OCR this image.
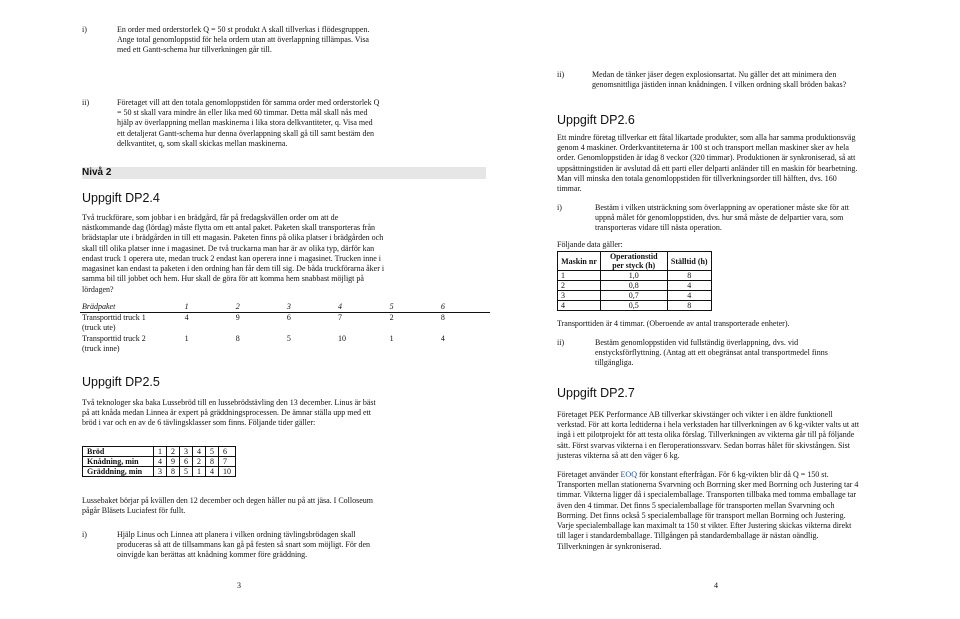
i)	En order med orderstorlek Q = 50 st produkt A skall tillverkas i flödesgruppen.
Ange total genomloppstid för hela ordern utan att överlappning tillämpas. Visa
med ett Gantt-schema hur tillverkningen går till.
ii)	Företaget vill att den totala genomloppstiden för samma order med orderstorlek Q
= 50 st skall vara mindre än eller lika med 60 timmar. Detta mål skall nås med
hjälp av överlappning mellan maskinerna i lika stora delkvantiteter, q. Visa med
ett detaljerat Gantt-schema hur denna överlappning skall gå till samt bestäm den
delkvantitet, q, som skall skickas mellan maskinerna.
Nivå 2
Uppgift DP2.4
Två truckförare, som jobbar i en brädgård, får på fredagskvällen order om att de
nästkommande dag (lördag) måste flytta om ett antal paket. Paketen skall transporteras från
brädstaplar ute i brädgården in till ett magasin. Paketen finns på olika platser i brädgården och
skall till olika platser inne i magasinet. De två truckarna man har är av olika typ, därför kan
endast truck 1 operera ute, medan truck 2 endast kan operera inne i magasinet. Trucken inne i
magasinet kan endast ta paketen i den ordning han får dem till sig. De båda truckförarna åker i
samma bil till jobbet och hem. Hur skall de göra för att komma hem snabbast möjligt på
lördagen?
Brädpaket	1	2	3	4	5	6

Transporttid truck 1
(truck ute)	4	9	6	7	2	8

Transporttid truck 2
(truck inne)	1	8	5	10	1	4
Uppgift DP2.5
Två teknologer ska baka Lussebröd till en lussebrödstävling den 13 december. Linus är bäst
på att knåda medan Linnea är expert på gräddningsprocessen. De ämnar ställa upp med ett
bröd i var och en av de 6 tävlingsklasser som finns. Följande tider gäller:
Bröd	1	2	3	4	5	6
Knådning, min	4	9	6	2	8	7
Gräddning, min	3	8	5	1	4	10
Lussebaket börjar på kvällen den 12 december och degen håller nu på att jäsa. I Colloseum
pågår Bläsets Luciafest för fullt.
i)	Hjälp Linus och Linnea att planera i vilken ordning tävlingsbrödagen skall
produceras så att de tillsammans kan gå på festen så snart som möjligt. För den
oinvigde kan berättas att knådning kommer före gräddning.
3
ii)	Medan de tänker jäser degen explosionsartat. Nu gäller det att minimera den
genomsnittliga jästiden innan knådningen. I vilken ordning skall bröden bakas?
Uppgift DP2.6
Ett mindre företag tillverkar ett fåtal likartade produkter, som alla har samma produktionsväg
genom 4 maskiner. Orderkvantiteterna är 100 st och transport mellan maskiner sker av hela
order. Genomloppstiden är idag 8 veckor (320 timmar). Produktionen är synkroniserad, så att
uppsättningstiden är avslutad då ett parti eller delparti anländer till en maskin för bearbetning.
Man vill minska den totala genomloppstiden för tillverkningsorder till hälften, dvs. 160
timmar.
i)	Bestäm i vilken utsträckning som överlappning av operationer måste ske för att
uppnå målet för genomloppstiden, dvs. hur små måste de delpartier vara, som
transporteras vidare till nästa operation.
Följande data gäller:
Maskin nr	Operationstid per styck (h)	Ställtid (h)
1	1,0	8
2	0,8	4
3	0,7	4
4	0,5	8
Transporttiden är 4 timmar. (Oberoende av antal transporterade enheter).
ii)	Bestäm genomloppstiden vid fullständig överlappning, dvs. vid
enstycksförflyttning. (Antag att ett obegränsat antal transportmedel finns
tillgängliga.
Uppgift DP2.7
Företaget PEK Performance AB tillverkar skivstänger och vikter i en äldre funktionell
verkstad. För att korta ledtiderna i hela verkstaden har tillverkningen av 6 kg-vikter valts ut att
ingå i ett pilotprojekt för att testa olika förslag. Tillverkningen av vikterna går till på följande
sätt. Först svarvas vikterna i en flerоperationssvarv. Sedan borras hålet för skivstången. Sist
justeras vikterna så att den väger 6 kg.
Företaget använder EOQ för konstant efterfrågan. För 6 kg-vikten blir då Q = 150 st.
Transporten mellan stationerna Svarvning och Borrning sker med Borrning och Justering tar 4
timmar. Vikterna ligger då i specialemballage. Transporten tillbaka med tomma emballage tar
även den 4 timmar. Det finns 5 specialemballage för transporten mellan Svarvning och
Borrning. Det finns också 5 specialemballage för transport mellan Borrning och Justering.
Varje specialemballage kan maximalt ta 150 st vikter. Efter Justering skickas vikterna direkt
till lager i standardemballage. Tillgången på standardemballage är nästan oändlig.
Tillverkningen är synkroniserad.
4
